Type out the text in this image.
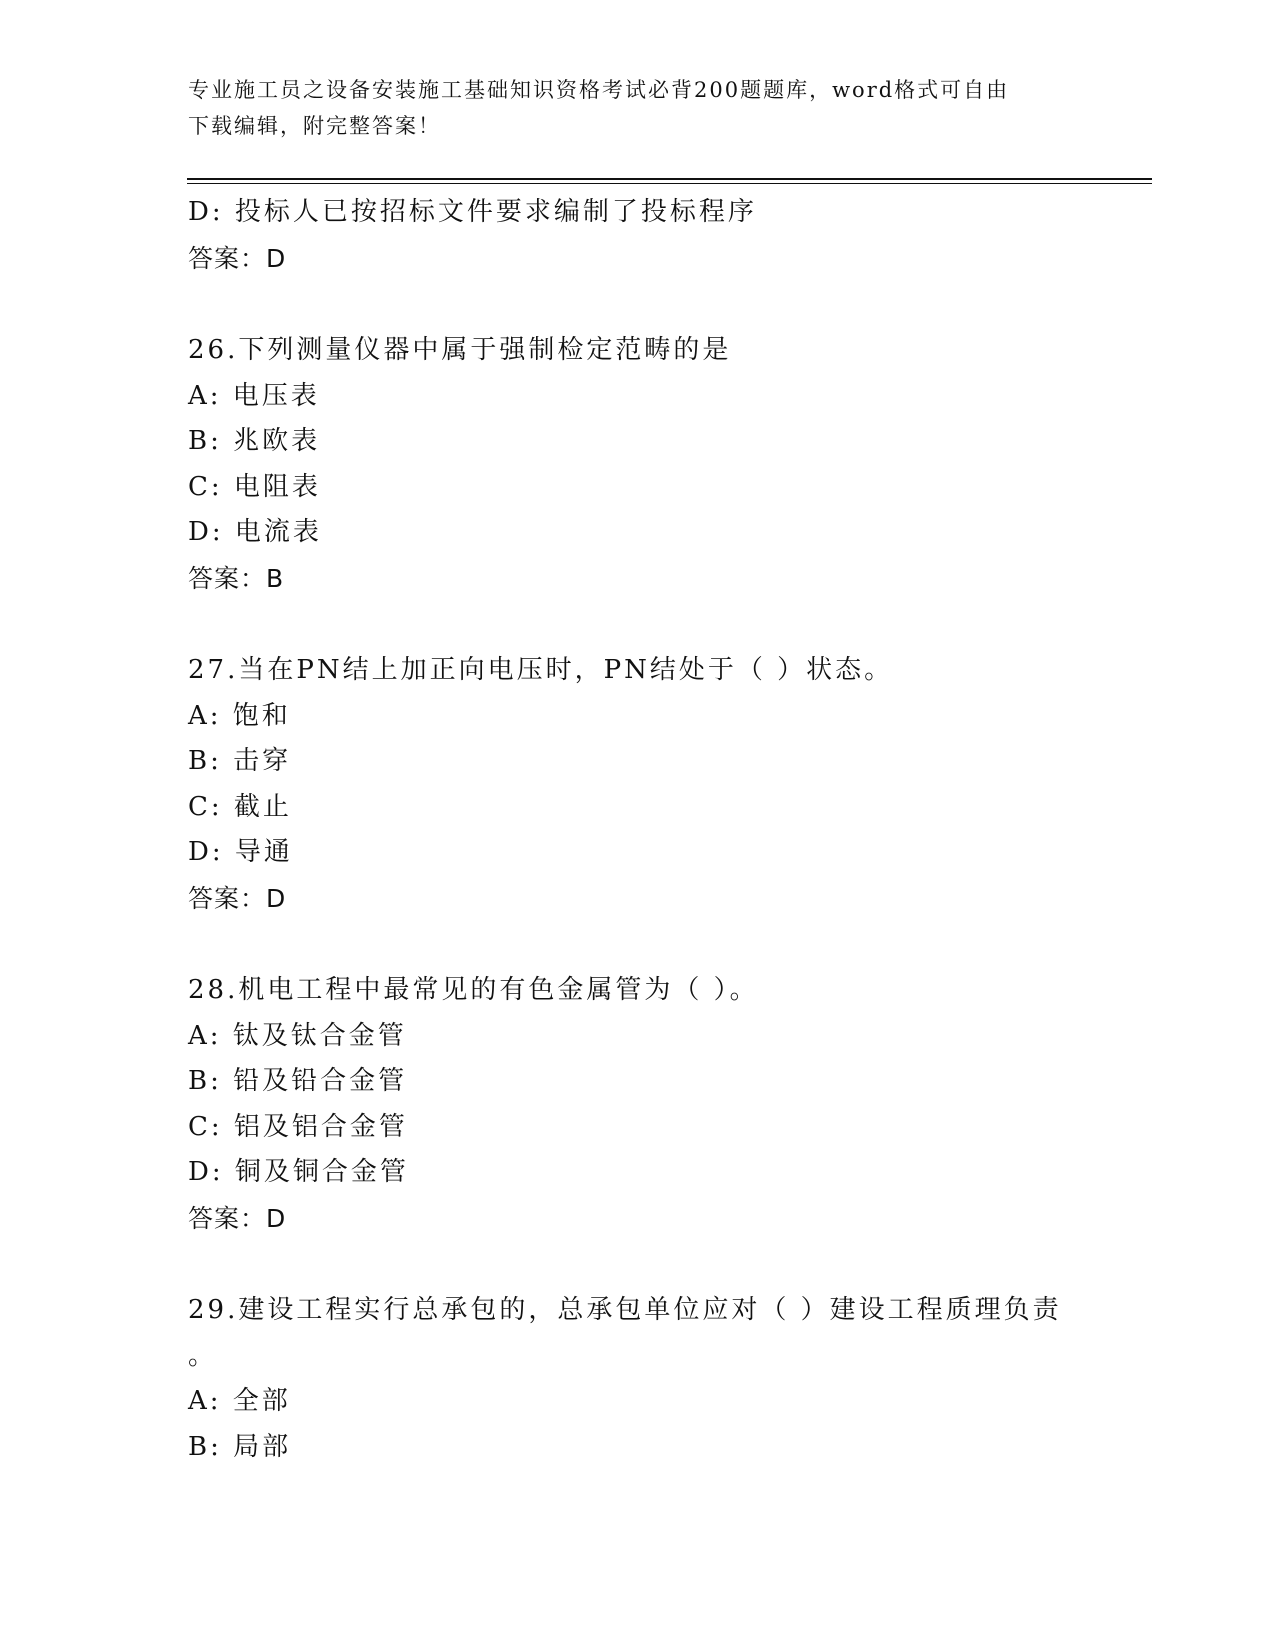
专业施工员之设备安装施工基础知识资格考试必背200题题库，word格式可自由
下载编辑，附完整答案！
D: 投标人已按招标文件要求编制了投标程序
答案：D
26.下列测量仪器中属于强制检定范畴的是
A: 电压表
B: 兆欧表
C: 电阻表
D: 电流表
答案：B
27.当在PN结上加正向电压时，PN结处于（ ）状态。
A: 饱和
B: 击穿
C: 截止
D: 导通
答案：D
28.机电工程中最常见的有色金属管为（ ）。
A: 钛及钛合金管
B: 铅及铅合金管
C: 铝及铝合金管
D: 铜及铜合金管
答案：D
29.建设工程实行总承包的，总承包单位应对（ ）建设工程质理负责
。
A: 全部
B: 局部
